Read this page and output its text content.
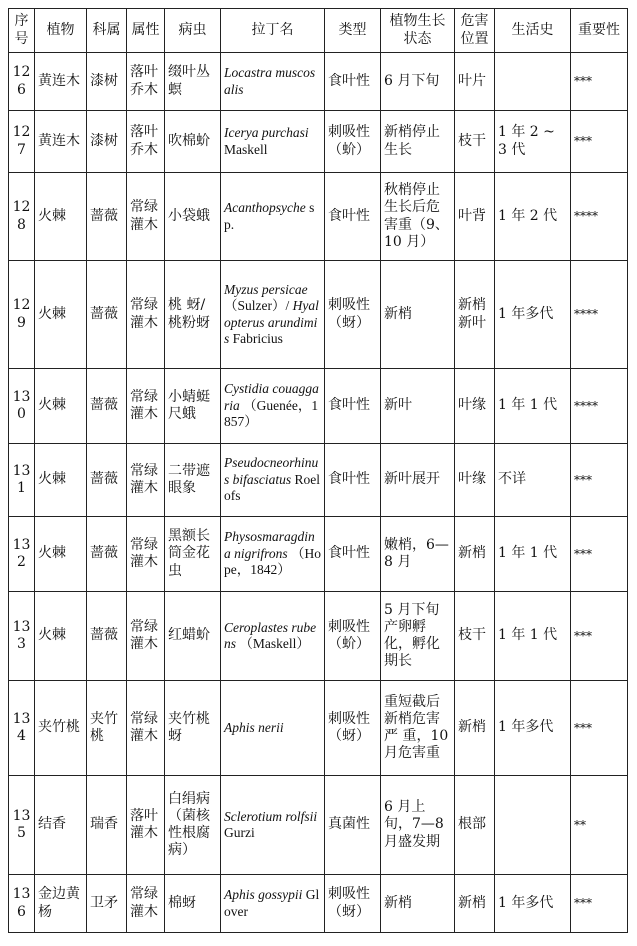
序号	植物	科属	属性	病虫	拉丁名	类型	植物生长状态	危害位置	生活史	重要性
126	黄连木	漆树	落叶乔木	缀叶丛螟	Locastra muscosalis	食叶性	6 月下旬	叶片		***
127	黄连木	漆树	落叶乔木	吹棉蚧	Icerya purchasi Maskell	刺吸性（蚧）	新梢停止生长	枝干	1 年 2 ~ 3 代	***
128	火棘	蔷薇	常绿灌木	小袋蛾	Acanthopsyche sp.	食叶性	秋梢停止生长后危害重（9、10 月）	叶背	1 年 2 代	****
129	火棘	蔷薇	常绿灌木	桃 蚜/桃粉蚜	Myzus persicae （Sulzer）/ Hyalopterus arundimis Fabricius	刺吸性（蚜）	新梢	新梢新叶	1 年多代	****
130	火棘	蔷薇	常绿灌木	小蜻蜓尺蛾	Cystidia couaggaria （Guenée，1857）	食叶性	新叶	叶缘	1 年 1 代	****
131	火棘	蔷薇	常绿灌木	二带遮眼象	Pseudocneorhinus bifasciatus Roelofs	食叶性	新叶展开	叶缘	不详	***
132	火棘	蔷薇	常绿灌木	黑额长筒金花虫	Physosmaragdina nigrifrons （Hope，1842）	食叶性	嫩梢，6—8 月	新梢	1 年 1 代	***
133	火棘	蔷薇	常绿灌木	红蜡蚧	Ceroplastes rubens （Maskell）	刺吸性（蚧）	5 月下旬产卵孵化，孵化期长	枝干	1 年 1 代	***
134	夹竹桃	夹竹桃	常绿灌木	夹竹桃蚜	Aphis nerii	刺吸性（蚜）	重短截后新梢危害严 重，10 月危害重	新梢	1 年多代	***
135	结香	瑞香	落叶灌木	白绢病（菌核性根腐病）	Sclerotium rolfsii Gurzi	真菌性	6 月上旬，7—8 月盛发期	根部		**
136	金边黄杨	卫矛	常绿灌木	棉蚜	Aphis gossypii Glover	刺吸性（蚜）	新梢	新梢	1 年多代	***
